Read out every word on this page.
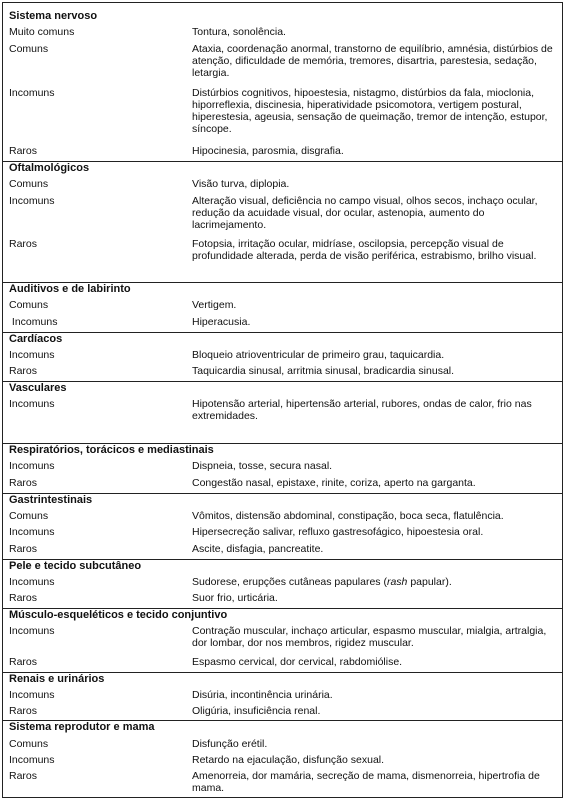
Sistema nervoso
Muito comuns	Tontura, sonolência.
Comuns	Ataxia, coordenação anormal, transtorno de equilíbrio, amnésia, distúrbios de atenção, dificuldade de memória, tremores, disartria, parestesia, sedação, letargia.
Incomuns	Distúrbios cognitivos, hipoestesia, nistagmo, distúrbios da fala, mioclonia, hiporreflexia, discinesia, hiperatividade psicomotora, vertigem postural, hiperestesia, ageusia, sensação de queimação, tremor de intenção, estupor, síncope.
Raros	Hipocinesia, parosmia, disgrafia.
Oftalmológicos
Comuns	Visão turva, diplopia.
Incomuns	Alteração visual, deficiência no campo visual, olhos secos, inchaço ocular, redução da acuidade visual, dor ocular, astenopia, aumento do lacrimejamento.
Raros	Fotopsia, irritação ocular, midríase, oscilopsia, percepção visual de profundidade alterada, perda de visão periférica, estrabismo, brilho visual.
Auditivos e de labirinto
Comuns	Vertigem.
Incomuns	Hiperacusia.
Cardíacos
Incomuns	Bloqueio atrioventricular de primeiro grau, taquicardia.
Raros	Taquicardia sinusal, arritmia sinusal, bradicardia sinusal.
Vasculares
Incomuns	Hipotensão arterial, hipertensão arterial, rubores, ondas de calor, frio nas extremidades.
Respiratórios, torácicos e mediastinais
Incomuns	Dispneia, tosse, secura nasal.
Raros	Congestão nasal, epistaxe, rinite, coriza, aperto na garganta.
Gastrintestinais
Comuns	Vômitos, distensão abdominal, constipação, boca seca, flatulência.
Incomuns	Hipersecreção salivar, refluxo gastresofágico, hipoestesia oral.
Raros	Ascite, disfagia, pancreatite.
Pele e tecido subcutâneo
Incomuns	Sudorese, erupções cutâneas papulares (rash papular).
Raros	Suor frio, urticária.
Músculo-esqueléticos e tecido conjuntivo
Incomuns	Contração muscular, inchaço articular, espasmo muscular, mialgia, artralgia, dor lombar, dor nos membros, rigidez muscular.
Raros	Espasmo cervical, dor cervical, rabdomiólise.
Renais e urinários
Incomuns	Disúria, incontinência urinária.
Raros	Oligúria, insuficiência renal.
Sistema reprodutor e mama
Comuns	Disfunção erétil.
Incomuns	Retardo na ejaculação, disfunção sexual.
Raros	Amenorreia, dor mamária, secreção de mama, dismenorreia, hipertrofia de mama.
